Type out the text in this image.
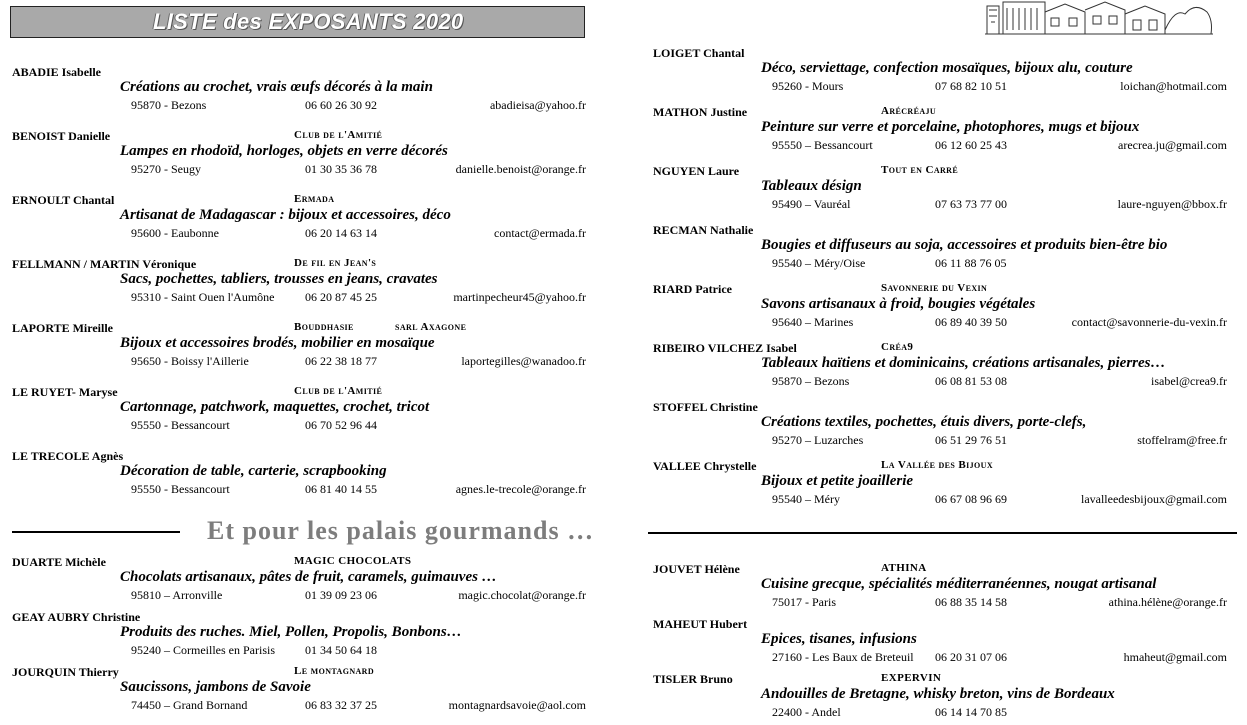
LISTE des EXPOSANTS 2020
ABADIE Isabelle
Créations au crochet, vrais œufs décorés à la main
95870 - Bezons	06 60 26 30 92	abadieisa@yahoo.fr
BENOIST Danielle	Club de l'Amitié
Lampes en rhodoïd, horloges, objets en verre décorés
95270 - Seugy	01 30 35 36 78	danielle.benoist@orange.fr
ERNOULT Chantal	Ermada
Artisanat de Madagascar : bijoux et accessoires, déco
95600 - Eaubonne	06 20 14 63 14	contact@ermada.fr
FELLMANN / MARTIN Véronique	De fil en Jean's
Sacs, pochettes, tabliers, trousses en jeans, cravates
95310 - Saint Ouen l'Aumône	06 20 87 45 25	martinpecheur45@yahoo.fr
LAPORTE Mireille	Bouddhasie	sarl Axagone
Bijoux et accessoires brodés, mobilier en mosaïque
95650 - Boissy l'Aillerie	06 22 38 18 77	laportegilles@wanadoo.fr
LE RUYET- Maryse	Club de l'Amitié
Cartonnage, patchwork, maquettes, crochet, tricot
95550 - Bessancourt	06 70 52 96 44
LE TRECOLE Agnès
Décoration de table, carterie, scrapbooking
95550 - Bessancourt	06 81 40 14 55	agnes.le-trecole@orange.fr
Et pour les palais gourmands …
DUARTE Michèle	MAGIC CHOCOLATS
Chocolats artisanaux, pâtes de fruit, caramels, guimauves …
95810 – Arronville	01 39 09 23 06	magic.chocolat@orange.fr
GEAY AUBRY Christine
Produits des ruches. Miel, Pollen, Propolis, Bonbons…
95240 – Cormeilles en Parisis	01 34 50 64 18
JOURQUIN Thierry	Le montagnard
Saucissons, jambons de Savoie
74450 – Grand Bornand	06 83 32 37 25	montagnardsavoie@aol.com
LOIGET Chantal
Déco, serviettage, confection mosaïques, bijoux alu, couture
95260 - Mours	07 68 82 10 51	loichan@hotmail.com
MATHON Justine	Arécréaju
Peinture sur verre et porcelaine, photophores, mugs et bijoux
95550 – Bessancourt	06 12 60 25 43	arecrea.ju@gmail.com
NGUYEN Laure	Tout en Carré
Tableaux désign
95490 – Vauréal	07 63 73 77 00	laure-nguyen@bbox.fr
RECMAN Nathalie
Bougies et diffuseurs au soja, accessoires et produits bien-être bio
95540 – Méry/Oise	06 11 88 76 05
RIARD Patrice	Savonnerie du Vexin
Savons artisanaux à froid, bougies végétales
95640 – Marines	06 89 40 39 50	contact@savonnerie-du-vexin.fr
RIBEIRO VILCHEZ Isabel	Créa9
Tableaux haïtiens et dominicains, créations artisanales, pierres…
95870 – Bezons	06 08 81 53 08	isabel@crea9.fr
STOFFEL Christine
Créations textiles, pochettes, étuis divers, porte-clefs,
95270 – Luzarches	06 51 29 76 51	stoffelram@free.fr
VALLEE Chrystelle	La Vallée des Bijoux
Bijoux et petite joaillerie
95540 – Méry	06 67 08 96 69	lavalleedesbijoux@gmail.com
JOUVET Hélène	ATHINA
Cuisine grecque, spécialités méditerranéennes, nougat artisanal
75017 - Paris	06 88 35 14 58	athina.hélène@orange.fr
MAHEUT Hubert
Epices, tisanes, infusions
27160 - Les Baux de Breteuil 06 20 31 07 06	hmaheut@gmail.com
TISLER Bruno	EXPERVIN
Andouilles de Bretagne, whisky breton, vins de Bordeaux
22400 - Andel	06 14 14 70 85
